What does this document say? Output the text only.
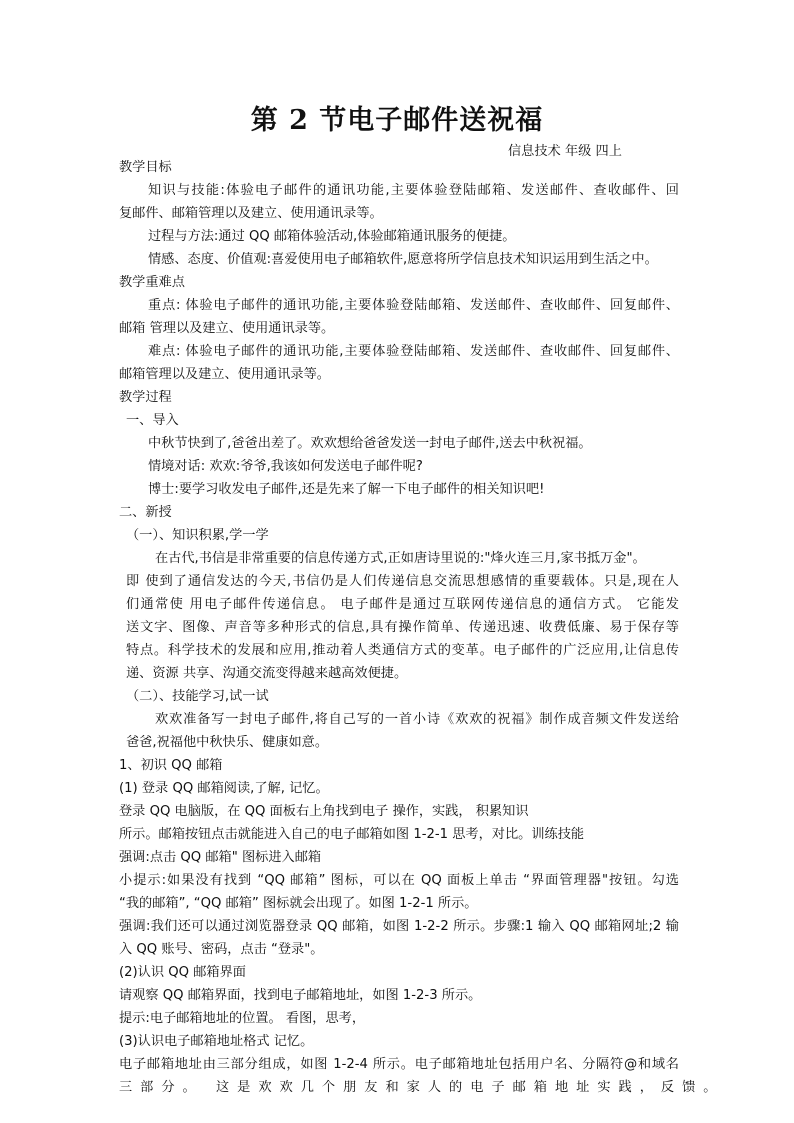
第 2 节电子邮件送祝福
信息技术 年级 四上
教学目标
知识与技能:体验电子邮件的通讯功能,主要体验登陆邮箱、发送邮件、查收邮件、回
复邮件、邮箱管理以及建立、使用通讯录等。
过程与方法:通过 QQ 邮箱体验活动,体验邮箱通讯服务的便捷。
情感、态度、价值观:喜爱使用电子邮箱软件,愿意将所学信息技术知识运用到生活之中。
教学重难点
重点: 体验电子邮件的通讯功能,主要体验登陆邮箱、发送邮件、查收邮件、回复邮件、
邮箱 管理以及建立、使用通讯录等。
难点: 体验电子邮件的通讯功能,主要体验登陆邮箱、发送邮件、查收邮件、回复邮件、
邮箱管理以及建立、使用通讯录等。
教学过程
一、导入
中秋节快到了,爸爸出差了。欢欢想给爸爸发送一封电子邮件,送去中秋祝福。
情境对话: 欢欢:爷爷,我该如何发送电子邮件呢?
博士:要学习收发电子邮件,还是先来了解一下电子邮件的相关知识吧!
二、新授
（一）、知识积累,学一学
在古代,书信是非常重要的信息传递方式,正如唐诗里说的:"烽火连三月,家书抵万金"。
即 使到了通信发达的今天,书信仍是人们传递信息交流思想感情的重要载体。只是,现在人
们通常使 用电子邮件传递信息。 电子邮件是通过互联网传递信息的通信方式。 它能发
送文字、图像、声音等多种形式的信息,具有操作简单、传递迅速、收费低廉、易于保存等
特点。科学技术的发展和应用,推动着人类通信方式的变革。电子邮件的广泛应用,让信息传
递、资源 共享、沟通交流变得越来越高效便捷。
（二）、技能学习,试一试
欢欢准备写一封电子邮件,将自己写的一首小诗《欢欢的祝福》制作成音频文件发送给
爸爸,祝福他中秋快乐、健康如意。
1、初识 QQ 邮箱
(1) 登录 QQ 邮箱阅读,了解, 记忆。
登录 QQ 电脑版，在 QQ 面板右上角找到电子 操作，实践， 积累知识
所示。邮箱按钮点击就能进入自己的电子邮箱如图 1-2-1 思考，对比。训练技能
强调:点击 QQ 邮箱" 图标进入邮箱
小提示:如果没有找到 “QQ 邮箱” 图标，可以在 QQ 面板上单击 “界面管理器"按钮。勾选
“我的邮箱”, “QQ 邮箱” 图标就会出现了。如图 1-2-1 所示。
强调:我们还可以通过浏览器登录 QQ 邮箱，如图 1-2-2 所示。步骤:1 输入 QQ 邮箱网址;2 输
入 QQ 账号、密码，点击 “登录"。
(2)认识 QQ 邮箱界面
请观察 QQ 邮箱界面，找到电子邮箱地址，如图 1-2-3 所示。
提示:电子邮箱地址的位置。 看图，思考，
(3)认识电子邮箱地址格式 记忆。
电子邮箱地址由三部分组成，如图 1-2-4 所示。电子邮箱地址包括用户名、分隔符@和域名
三部分。 这是欢欢几个朋友和家人的电子邮箱地址实践，反馈。
